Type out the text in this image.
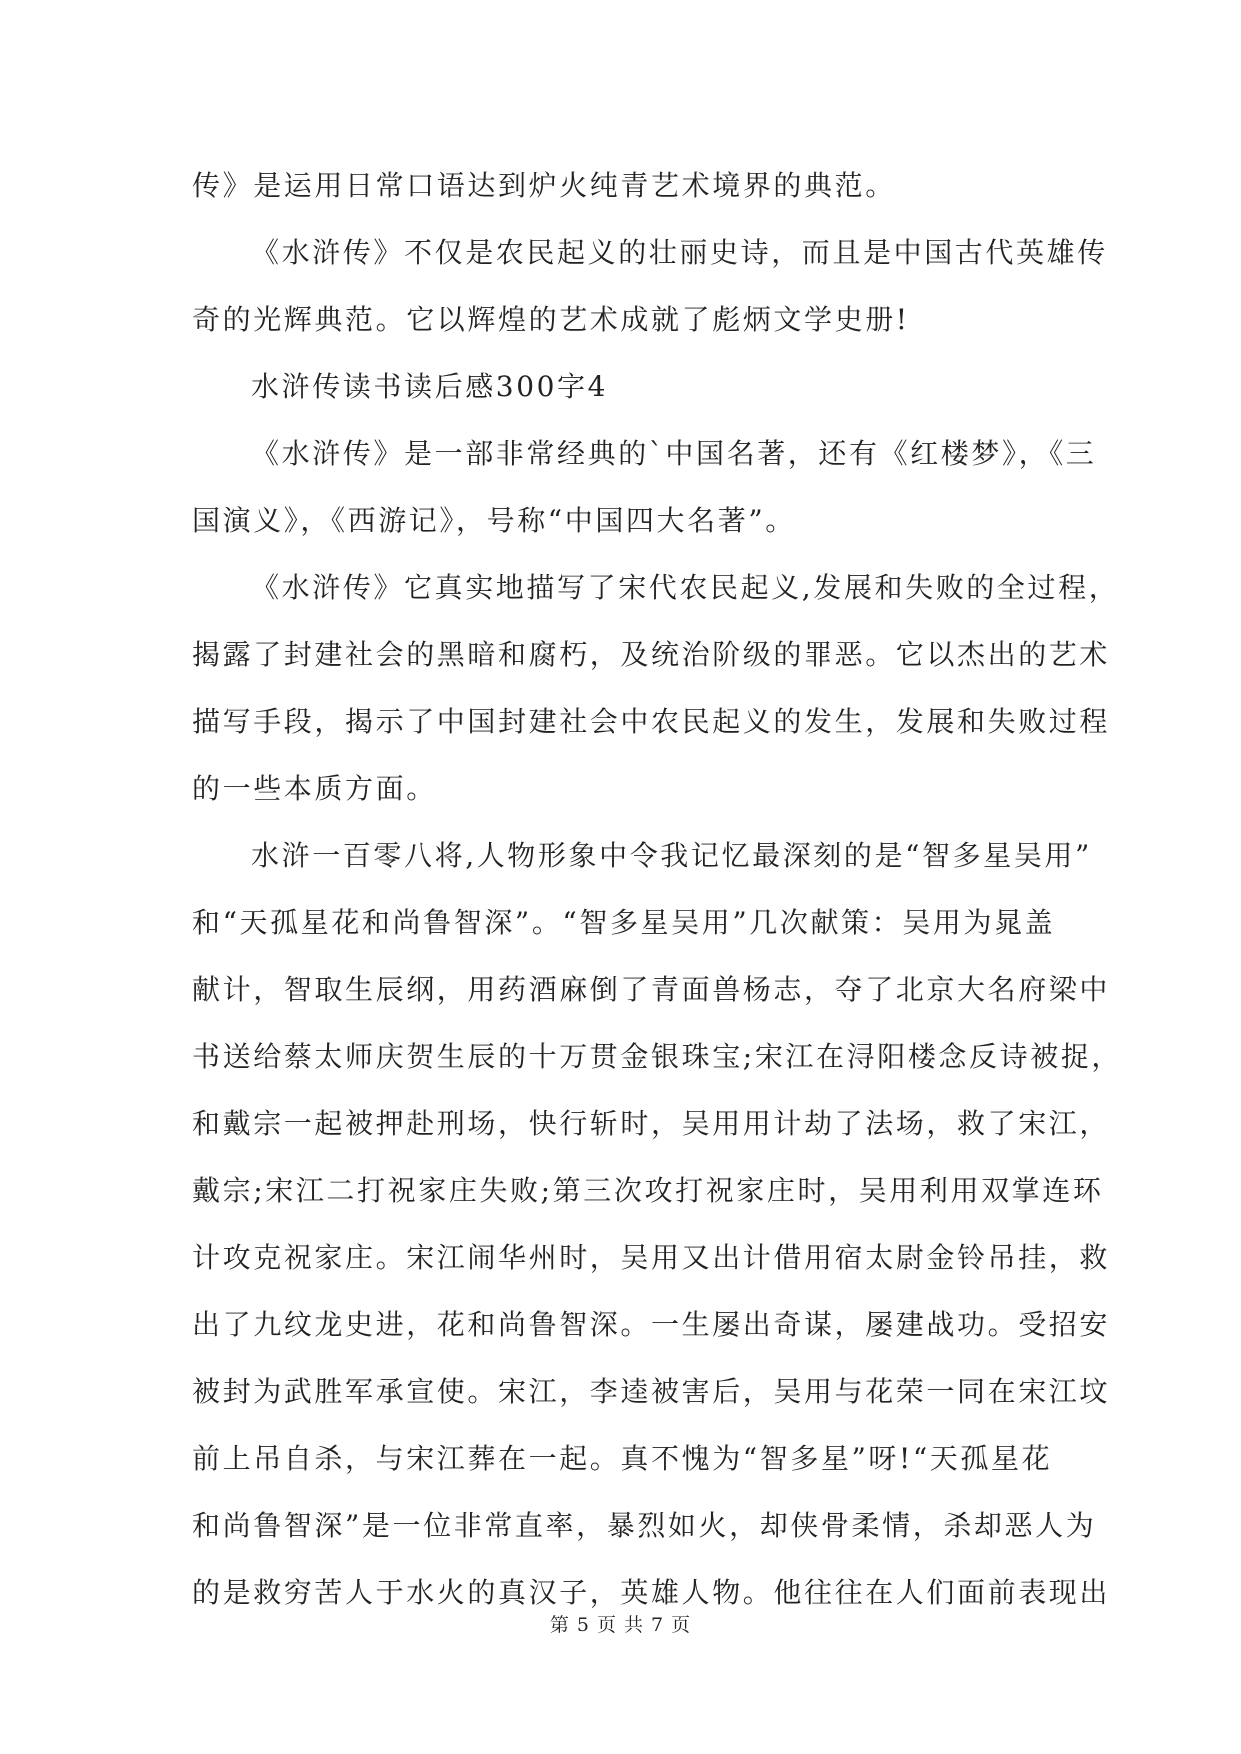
传》是运用日常口语达到炉火纯青艺术境界的典范。
《水浒传》不仅是农民起义的壮丽史诗，而且是中国古代英雄传
奇的光辉典范。它以辉煌的艺术成就了彪炳文学史册!
水浒传读书读后感300字4
《水浒传》是一部非常经典的`中国名著，还有《红楼梦》，《三
国演义》，《西游记》，号称“中国四大名著”。
《水浒传》它真实地描写了宋代农民起义,发展和失败的全过程，
揭露了封建社会的黑暗和腐朽，及统治阶级的罪恶。它以杰出的艺术
描写手段，揭示了中国封建社会中农民起义的发生，发展和失败过程
的一些本质方面。
水浒一百零八将,人物形象中令我记忆最深刻的是“智多星吴用”
和“天孤星花和尚鲁智深”。“智多星吴用”几次献策：吴用为晁盖
献计，智取生辰纲，用药酒麻倒了青面兽杨志，夺了北京大名府梁中
书送给蔡太师庆贺生辰的十万贯金银珠宝;宋江在浔阳楼念反诗被捉，
和戴宗一起被押赴刑场，快行斩时，吴用用计劫了法场，救了宋江，
戴宗;宋江二打祝家庄失败;第三次攻打祝家庄时，吴用利用双掌连环
计攻克祝家庄。宋江闹华州时，吴用又出计借用宿太尉金铃吊挂，救
出了九纹龙史进，花和尚鲁智深。一生屡出奇谋，屡建战功。受招安
被封为武胜军承宣使。宋江，李逵被害后，吴用与花荣一同在宋江坟
前上吊自杀，与宋江葬在一起。真不愧为“智多星”呀!“天孤星花
和尚鲁智深”是一位非常直率，暴烈如火，却侠骨柔情，杀却恶人为
的是救穷苦人于水火的真汉子，英雄人物。他往往在人们面前表现出
第 5 页 共 7 页
